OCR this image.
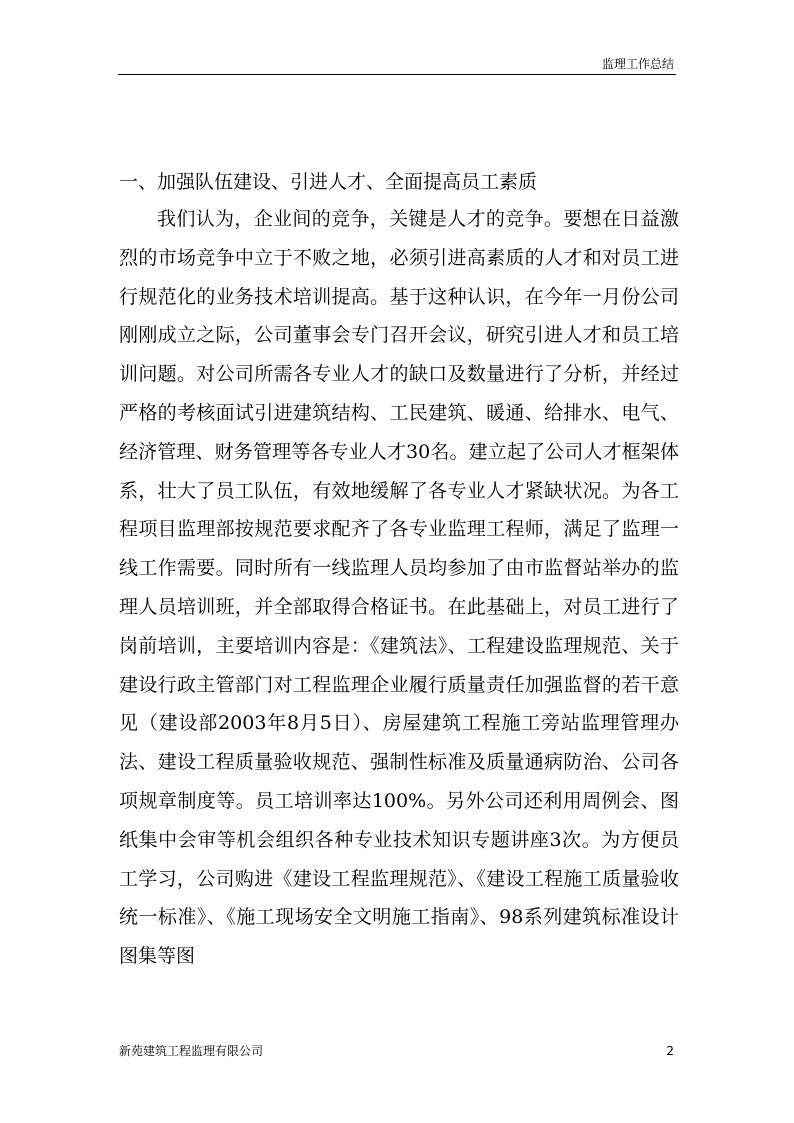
监理工作总结
一、加强队伍建设、引进人才、全面提高员工素质

我们认为，企业间的竞争，关键是人才的竞争。要想在日益激烈的市场竞争中立于不败之地，必须引进高素质的人才和对员工进行规范化的业务技术培训提高。基于这种认识，在今年一月份公司刚刚成立之际，公司董事会专门召开会议，研究引进人才和员工培训问题。对公司所需各专业人才的缺口及数量进行了分析，并经过严格的考核面试引进建筑结构、工民建筑、暖通、给排水、电气、经济管理、财务管理等各专业人才30名。建立起了公司人才框架体系，壮大了员工队伍，有效地缓解了各专业人才紧缺状况。为各工程项目监理部按规范要求配齐了各专业监理工程师，满足了监理一线工作需要。同时所有一线监理人员均参加了由市监督站举办的监理人员培训班，并全部取得合格证书。在此基础上，对员工进行了岗前培训，主要培训内容是：《建筑法》、工程建设监理规范、关于建设行政主管部门对工程监理企业履行质量责任加强监督的若干意见（建设部2003年8月5日）、房屋建筑工程施工旁站监理管理办法、建设工程质量验收规范、强制性标准及质量通病防治、公司各项规章制度等。员工培训率达100%。另外公司还利用周例会、图纸集中会审等机会组织各种专业技术知识专题讲座3次。为方便员工学习，公司购进《建设工程监理规范》、《建设工程施工质量验收统一标准》、《施工现场安全文明施工指南》、98系列建筑标准设计图集等图

新苑建筑工程监理有限公司	2
